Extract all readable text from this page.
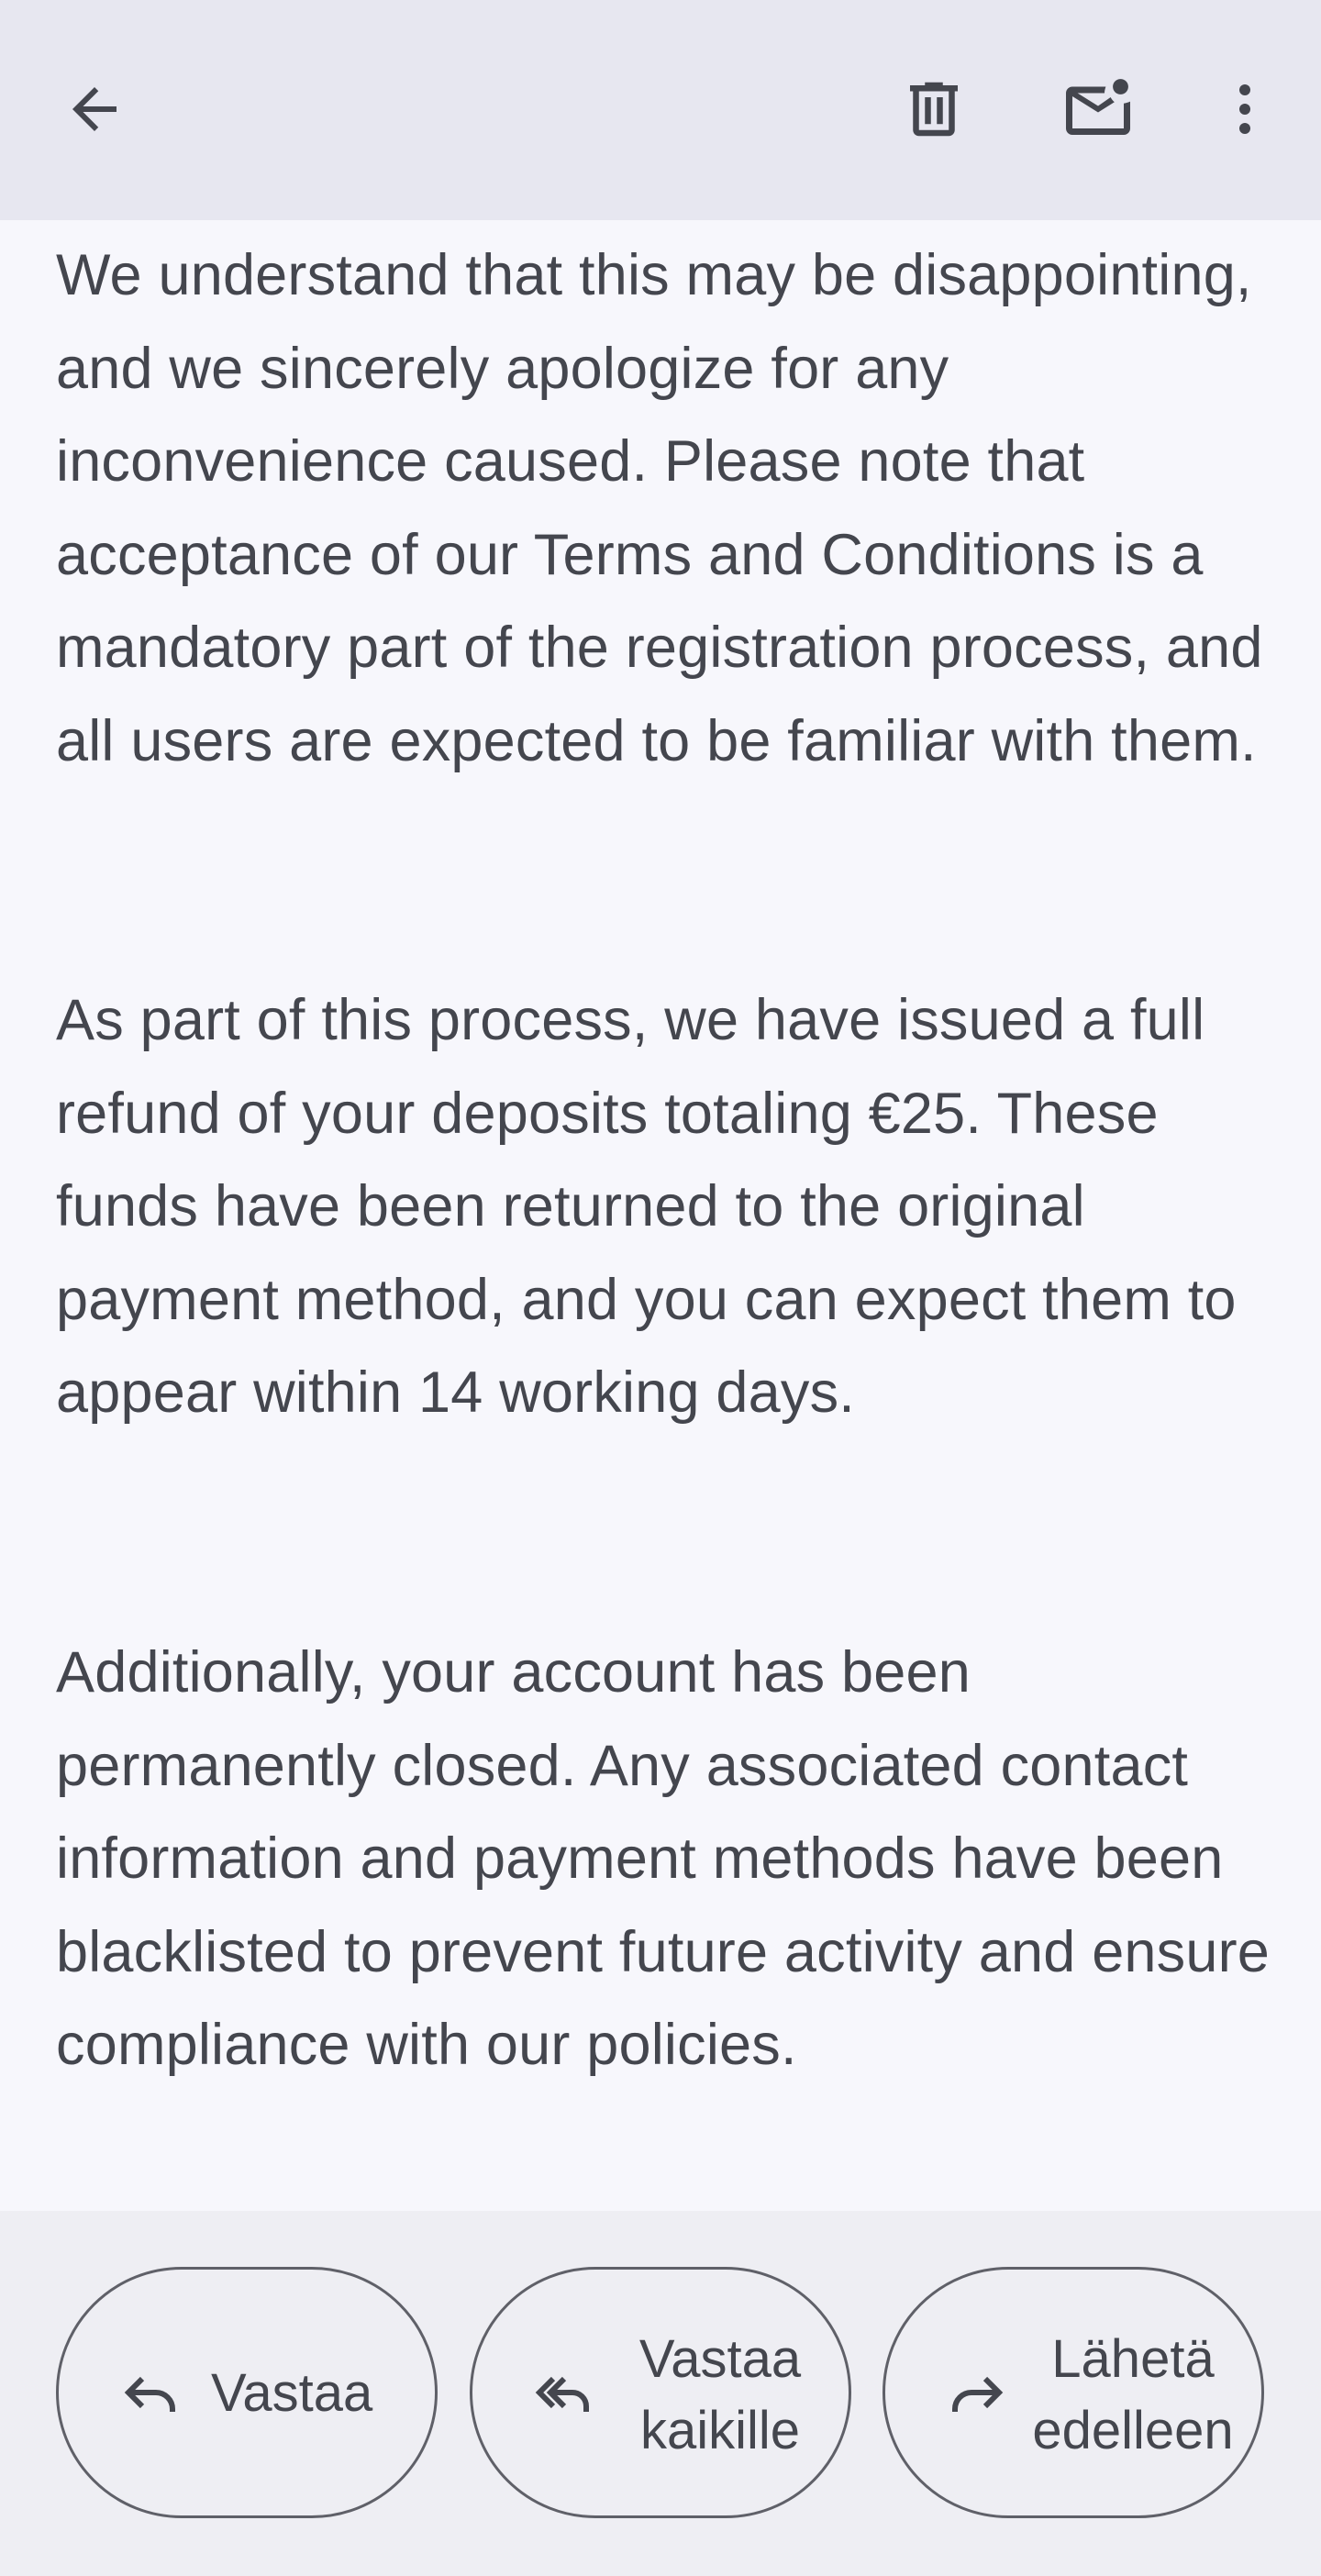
We understand that this may be disappointing, and we sincerely apologize for any inconvenience caused. Please note that acceptance of our Terms and Conditions is a mandatory part of the registration process, and all users are expected to be familiar with them.

As part of this process, we have issued a full refund of your deposits totaling €25. These funds have been returned to the original payment method, and you can expect them to appear within 14 working days.

Additionally, your account has been permanently closed. Any associated contact information and payment methods have been blacklisted to prevent future activity and ensure compliance with our policies.

Vastaa
Vastaa
kaikille
Lähetä
edelleen
